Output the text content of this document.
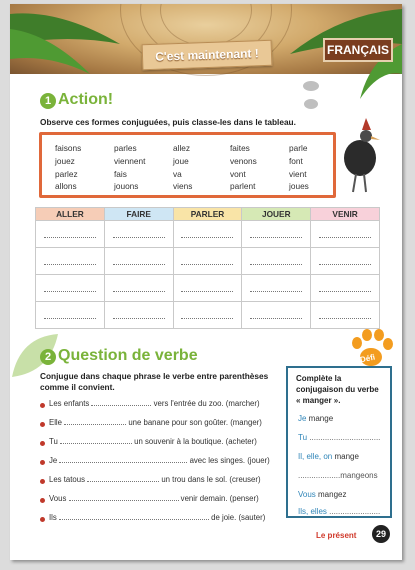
C'est maintenant !	FRANÇAIS
1 Action!
Observe ces formes conjuguées, puis classe-les dans le tableau.
faisons	parles	allez	faites	parle
jouez	viennent	joue	venons	font
parlez	fais	va	vont	vient
allons	jouons	viens	parlent	joues
ALLER	FAIRE	PARLER	JOUER	VENIR

2 Question de verbe
Conjugue dans chaque phrase le verbe entre parenthèses comme il convient.
Les enfants	vers l'entrée du zoo. (marcher)
Elle	une banane pour son goûter. (manger)
Tu	un souvenir à la boutique. (acheter)
Je	avec les singes. (jouer)
Les tatous	un trou dans le sol. (creuser)
Vous	venir demain. (penser)
Ils	de joie. (sauter)
Défi
Complète la conjugaison du verbe « manger ».
Je mange
Tu ................................
Il, elle, on mange
...................mangeons
Vous mangez
Ils, elles .......................
Le présent	29
